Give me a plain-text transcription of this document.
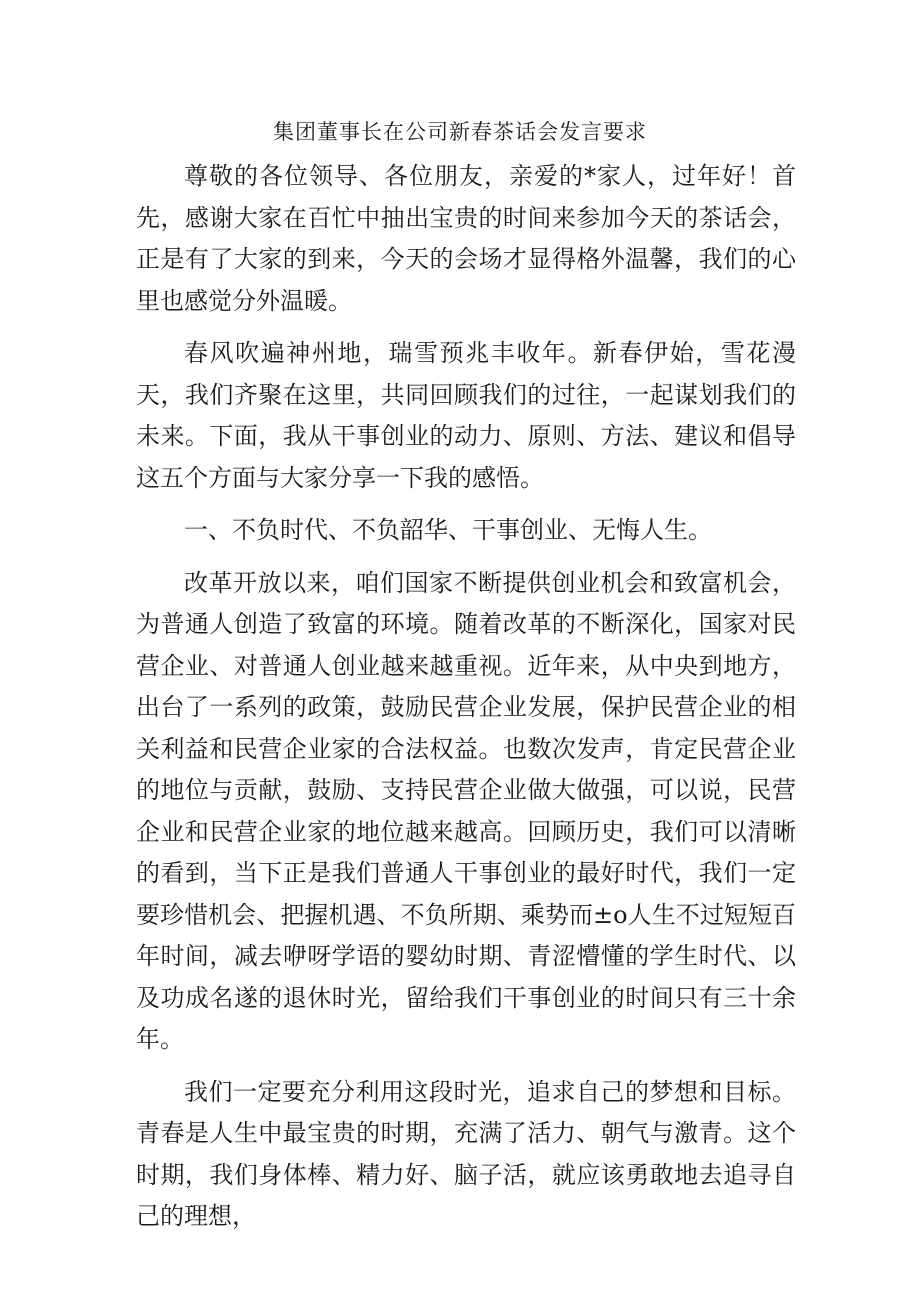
集团董事长在公司新春茶话会发言要求

尊敬的各位领导、各位朋友，亲爱的*家人，过年好！首先，感谢大家在百忙中抽出宝贵的时间来参加今天的茶话会，正是有了大家的到来，今天的会场才显得格外温馨，我们的心里也感觉分外温暖。

春风吹遍神州地，瑞雪预兆丰收年。新春伊始，雪花漫天，我们齐聚在这里，共同回顾我们的过往，一起谋划我们的未来。下面，我从干事创业的动力、原则、方法、建议和倡导这五个方面与大家分享一下我的感悟。

一、不负时代、不负韶华、干事创业、无悔人生。

改革开放以来，咱们国家不断提供创业机会和致富机会，为普通人创造了致富的环境。随着改革的不断深化，国家对民营企业、对普通人创业越来越重视。近年来，从中央到地方，出台了一系列的政策，鼓励民营企业发展，保护民营企业的相关利益和民营企业家的合法权益。也数次发声，肯定民营企业的地位与贡献，鼓励、支持民营企业做大做强，可以说，民营企业和民营企业家的地位越来越高。回顾历史，我们可以清晰的看到，当下正是我们普通人干事创业的最好时代，我们一定要珍惜机会、把握机遇、不负所期、乘势而±o人生不过短短百年时间，减去咿呀学语的婴幼时期、青涩懵懂的学生时代、以及功成名遂的退休时光，留给我们干事创业的时间只有三十余年。

我们一定要充分利用这段时光，追求自己的梦想和目标。青春是人生中最宝贵的时期，充满了活力、朝气与激青。这个时期，我们身体棒、精力好、脑子活，就应该勇敢地去追寻自己的理想，
